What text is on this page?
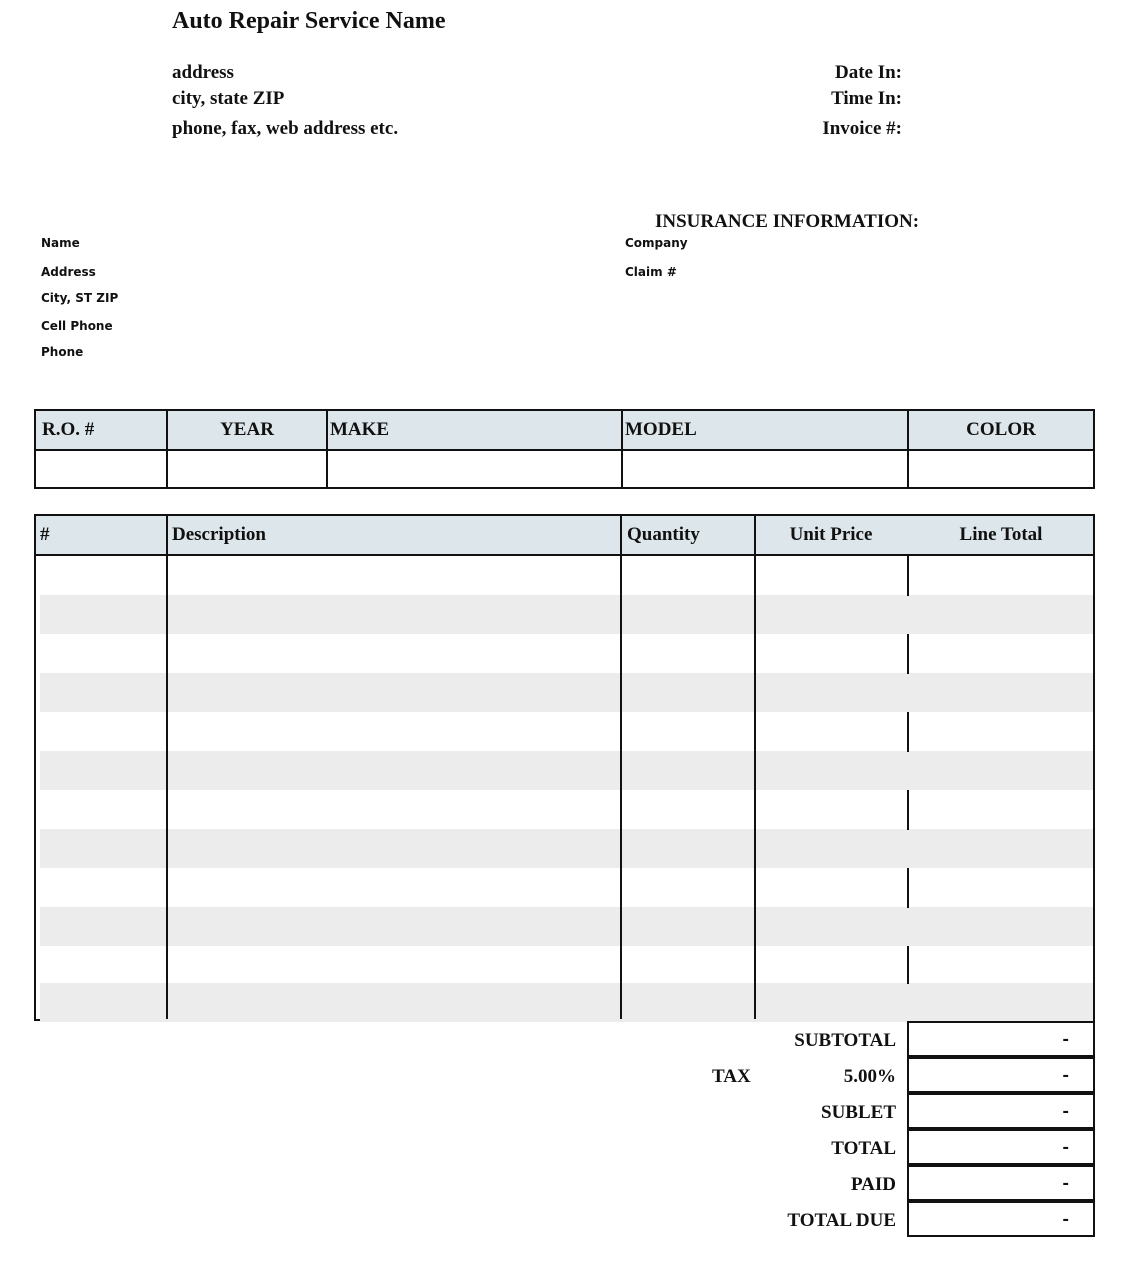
Auto Repair Service Name
address
city, state ZIP
phone, fax, web address etc.
Date In:
Time In:
Invoice #:
Name
Address
City, ST ZIP
Cell Phone
Phone
INSURANCE INFORMATION:
Company
Claim #
R.O. #	YEAR	MAKE	MODEL	COLOR
#	Description	Quantity	Unit Price	Line Total
SUBTOTAL	-
TAX	5.00%	-
SUBLET	-
TOTAL	-
PAID	-
TOTAL DUE	-
